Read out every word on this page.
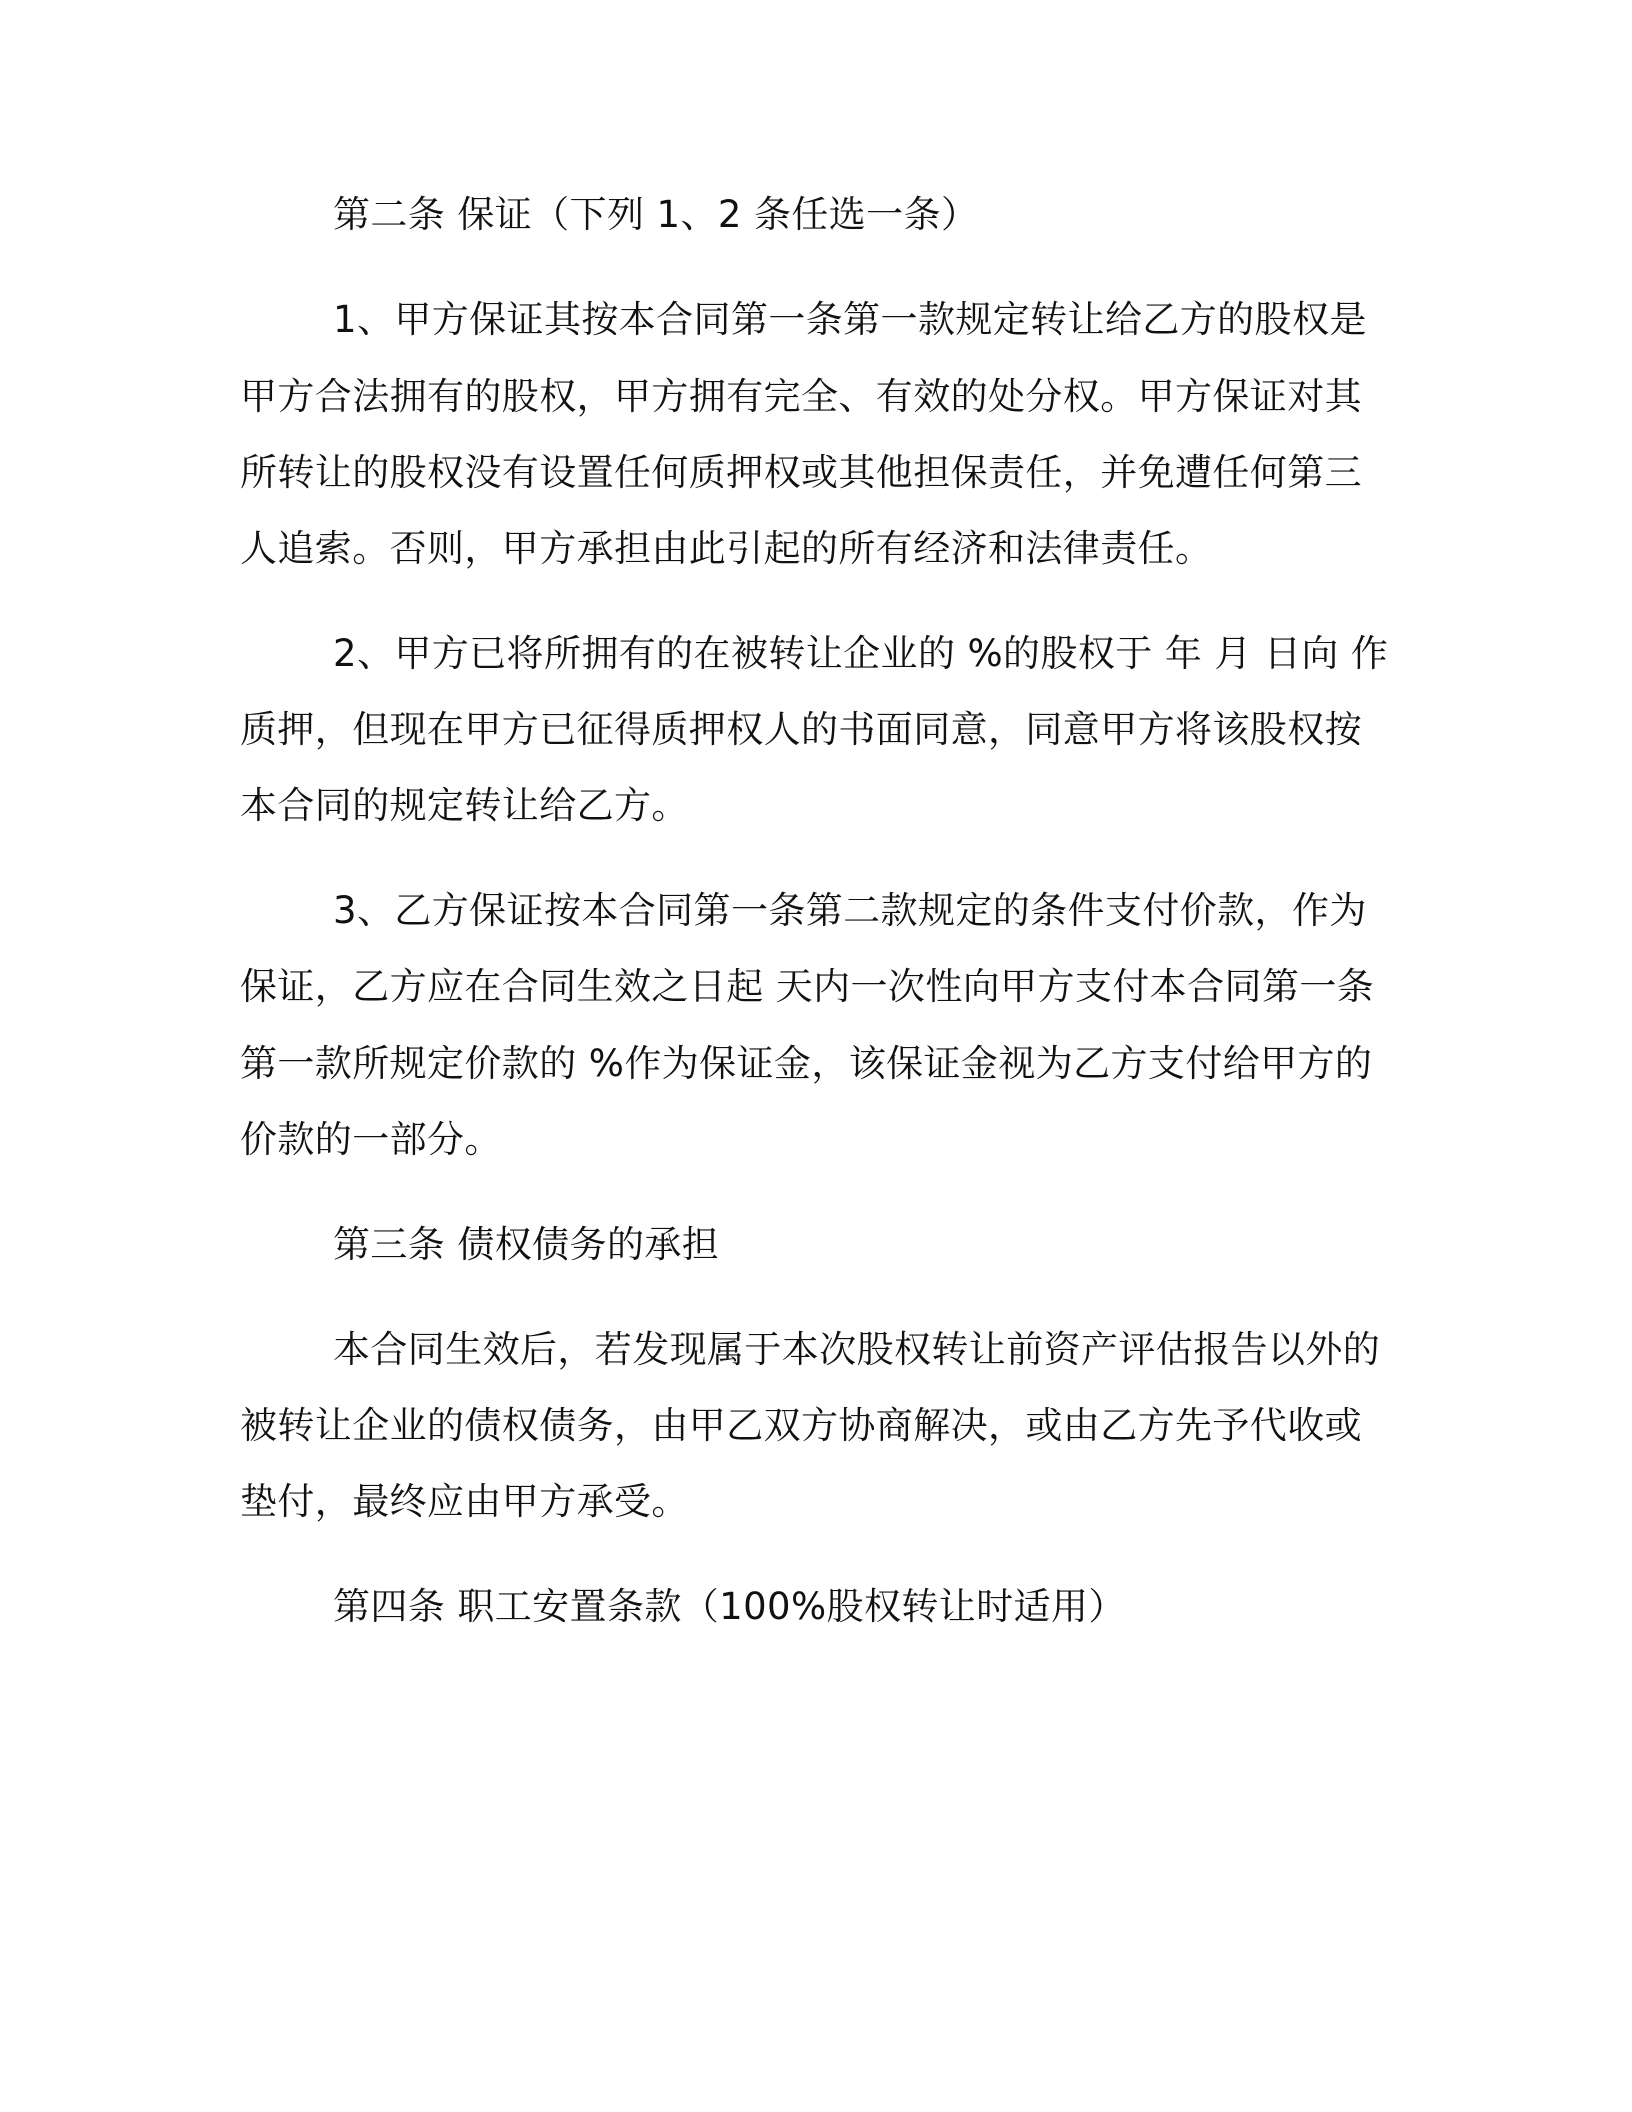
第二条 保证（下列 1、2 条任选一条）
1、甲方保证其按本合同第一条第一款规定转让给乙方的股权是
甲方合法拥有的股权，甲方拥有完全、有效的处分权。甲方保证对其
所转让的股权没有设置任何质押权或其他担保责任，并免遭任何第三
人追索。否则，甲方承担由此引起的所有经济和法律责任。
2、甲方已将所拥有的在被转让企业的 %的股权于 年 月 日向 作
质押，但现在甲方已征得质押权人的书面同意，同意甲方将该股权按
本合同的规定转让给乙方。
3、乙方保证按本合同第一条第二款规定的条件支付价款，作为
保证，乙方应在合同生效之日起 天内一次性向甲方支付本合同第一条
第一款所规定价款的 %作为保证金，该保证金视为乙方支付给甲方的
价款的一部分。
第三条 债权债务的承担
本合同生效后，若发现属于本次股权转让前资产评估报告以外的
被转让企业的债权债务，由甲乙双方协商解决，或由乙方先予代收或
垫付，最终应由甲方承受。
第四条 职工安置条款（100%股权转让时适用）
